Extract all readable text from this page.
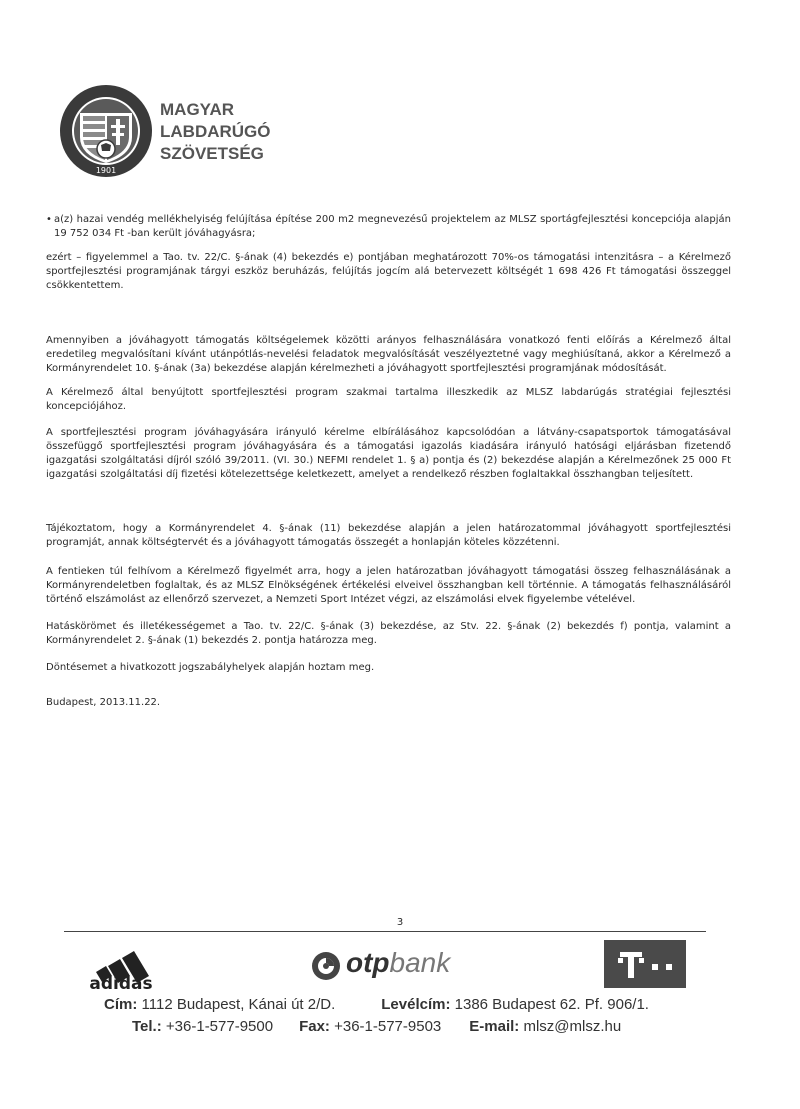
1901
MAGYAR
LABDARÚGÓ
SZÖVETSÉG

• a(z) hazai vendég mellékhelyiség felújítása építése 200 m2 megnevezésű projektelem az MLSZ sportágfejlesztési koncepciója alapján 19 752 034 Ft -ban került jóváhagyásra;

ezért – figyelemmel a Tao. tv. 22/C. §-ának (4) bekezdés e) pontjában meghatározott 70%-os támogatási intenzitásra – a Kérelmező sportfejlesztési programjának tárgyi eszköz beruházás, felújítás jogcím alá betervezett költségét 1 698 426 Ft támogatási összeggel csökkentettem.

Amennyiben a jóváhagyott támogatás költségelemek közötti arányos felhasználására vonatkozó fenti előírás a Kérelmező által eredetileg megvalósítani kívánt utánpótlás-nevelési feladatok megvalósítását veszélyeztetné vagy meghiúsítaná, akkor a Kérelmező a Kormányrendelet 10. §-ának (3a) bekezdése alapján kérelmezheti a jóváhagyott sportfejlesztési programjának módosítását.

A Kérelmező által benyújtott sportfejlesztési program szakmai tartalma illeszkedik az MLSZ labdarúgás stratégiai fejlesztési koncepciójához.

A sportfejlesztési program jóváhagyására irányuló kérelme elbírálásához kapcsolódóan a látvány-csapatsportok támogatásával összefüggő sportfejlesztési program jóváhagyására és a támogatási igazolás kiadására irányuló hatósági eljárásban fizetendő igazgatási szolgáltatási díjról szóló 39/2011. (VI. 30.) NEFMI rendelet 1. § a) pontja és (2) bekezdése alapján a Kérelmezőnek 25 000 Ft igazgatási szolgáltatási díj fizetési kötelezettsége keletkezett, amelyet a rendelkező részben foglaltakkal összhangban teljesített.

Tájékoztatom, hogy a Kormányrendelet 4. §-ának (11) bekezdése alapján a jelen határozatommal jóváhagyott sportfejlesztési programját, annak költségtervét és a jóváhagyott támogatás összegét a honlapján köteles közzétenni.

A fentieken túl felhívom a Kérelmező figyelmét arra, hogy a jelen határozatban jóváhagyott támogatási összeg felhasználásának a Kormányrendeletben foglaltak, és az MLSZ Elnökségének értékelési elveivel összhangban kell történnie. A támogatás felhasználásáról történő elszámolást az ellenőrző szervezet, a Nemzeti Sport Intézet végzi, az elszámolási elvek figyelembe vételével.

Hatáskörömet és illetékességemet a Tao. tv. 22/C. §-ának (3) bekezdése, az Stv. 22. §-ának (2) bekezdés f) pontja, valamint a Kormányrendelet 2. §-ának (1) bekezdés 2. pontja határozza meg.

Döntésemet a hivatkozott jogszabályhelyek alapján hoztam meg.

Budapest, 2013.11.22.

3
adidas
otpbank
Cím: 1112 Budapest, Kánai út 2/D.	Levélcím: 1386 Budapest 62. Pf. 906/1.
Tel.: +36-1-577-9500 Fax: +36-1-577-9503 E-mail: mlsz@mlsz.hu
